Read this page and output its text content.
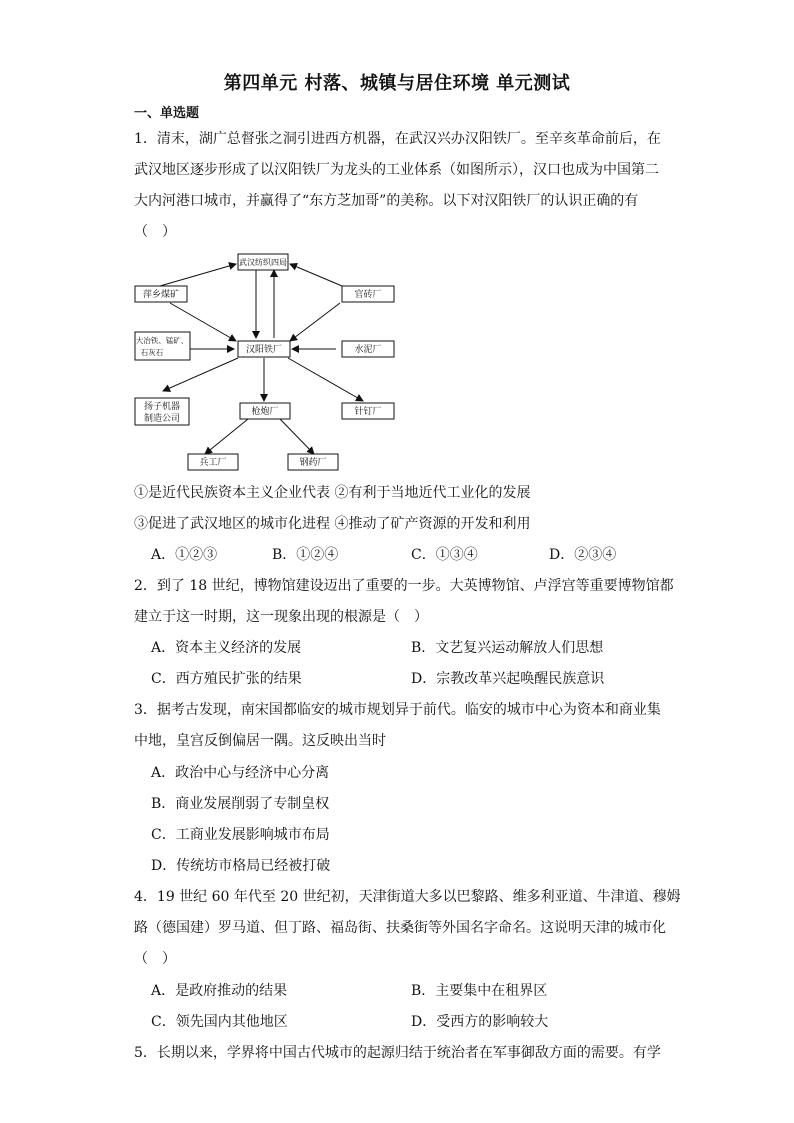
第四单元 村落、城镇与居住环境 单元测试
一、单选题
1．清末，湖广总督张之洞引进西方机器，在武汉兴办汉阳铁厂。至辛亥革命前后，在
武汉地区逐步形成了以汉阳铁厂为龙头的工业体系（如图所示），汉口也成为中国第二
大内河港口城市，并赢得了“东方芝加哥”的美称。以下对汉阳铁厂的认识正确的有
（　）
武汉纺织四局
萍乡煤矿	官砖厂
大冶铁、锰矿、
石灰石	汉阳铁厂	水泥厂
扬子机器
制造公司
枪炮厂	针钉厂
兵工厂	钢药厂
①是近代民族资本主义企业代表 ②有利于当地近代工业化的发展
③促进了武汉地区的城市化进程 ④推动了矿产资源的开发和利用
A．①②③	B．①②④	C．①③④	D．②③④
2．到了 18 世纪，博物馆建设迈出了重要的一步。大英博物馆、卢浮宫等重要博物馆都
建立于这一时期，这一现象出现的根源是（　）
A．资本主义经济的发展	B．文艺复兴运动解放人们思想
C．西方殖民扩张的结果	D．宗教改革兴起唤醒民族意识
3．据考古发现，南宋国都临安的城市规划异于前代。临安的城市中心为资本和商业集
中地，皇宫反倒偏居一隅。这反映出当时
A．政治中心与经济中心分离
B．商业发展削弱了专制皇权
C．工商业发展影响城市布局
D．传统坊市格局已经被打破
4．19 世纪 60 年代至 20 世纪初，天津街道大多以巴黎路、维多利亚道、牛津道、穆姆
路（德国建）罗马道、但丁路、福岛街、扶桑街等外国名字命名。这说明天津的城市化
（　）
A．是政府推动的结果	B．主要集中在租界区
C．领先国内其他地区	D．受西方的影响较大
5．长期以来，学界将中国古代城市的起源归结于统治者在军事御敌方面的需要。有学
